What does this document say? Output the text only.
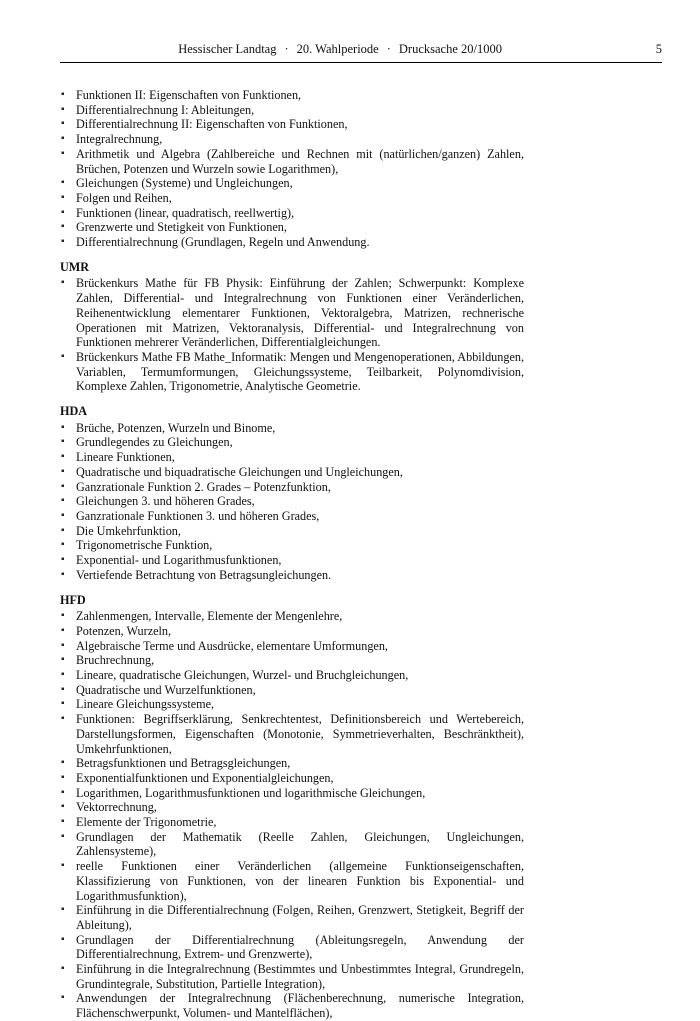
Hessischer Landtag · 20. Wahlperiode · Drucksache 20/1000	5
▪ Funktionen II: Eigenschaften von Funktionen,
▪ Differentialrechnung I: Ableitungen,
▪ Differentialrechnung II: Eigenschaften von Funktionen,
▪ Integralrechnung,
▪ Arithmetik und Algebra (Zahlbereiche und Rechnen mit (natürlichen/ganzen) Zahlen, Brüchen, Potenzen und Wurzeln sowie Logarithmen),
▪ Gleichungen (Systeme) und Ungleichungen,
▪ Folgen und Reihen,
▪ Funktionen (linear, quadratisch, reellwertig),
▪ Grenzwerte und Stetigkeit von Funktionen,
▪ Differentialrechnung (Grundlagen, Regeln und Anwendung.
UMR
▪ Brückenkurs Mathe für FB Physik: Einführung der Zahlen; Schwerpunkt: Komplexe Zahlen, Differential- und Integralrechnung von Funktionen einer Veränderlichen, Reihenentwicklung elementarer Funktionen, Vektoralgebra, Matrizen, rechnerische Operationen mit Matrizen, Vektoranalysis, Differential- und Integralrechnung von Funktionen mehrerer Veränderlichen, Differentialgleichungen.
▪ Brückenkurs Mathe FB Mathe_Informatik: Mengen und Mengenoperationen, Abbildungen, Variablen, Termumformungen, Gleichungssysteme, Teilbarkeit, Polynomdivision, Komplexe Zahlen, Trigonometrie, Analytische Geometrie.
HDA
▪ Brüche, Potenzen, Wurzeln und Binome,
▪ Grundlegendes zu Gleichungen,
▪ Lineare Funktionen,
▪ Quadratische und biquadratische Gleichungen und Ungleichungen,
▪ Ganzrationale Funktion 2. Grades – Potenzfunktion,
▪ Gleichungen 3. und höheren Grades,
▪ Ganzrationale Funktionen 3. und höheren Grades,
▪ Die Umkehrfunktion,
▪ Trigonometrische Funktion,
▪ Exponential- und Logarithmusfunktionen,
▪ Vertiefende Betrachtung von Betragsungleichungen.
HFD
▪ Zahlenmengen, Intervalle, Elemente der Mengenlehre,
▪ Potenzen, Wurzeln,
▪ Algebraische Terme und Ausdrücke, elementare Umformungen,
▪ Bruchrechnung,
▪ Lineare, quadratische Gleichungen, Wurzel- und Bruchgleichungen,
▪ Quadratische und Wurzelfunktionen,
▪ Lineare Gleichungssysteme,
▪ Funktionen: Begriffserklärung, Senkrechtentest, Definitionsbereich und Wertebereich, Darstellungsformen, Eigenschaften (Monotonie, Symmetrieverhalten, Beschränktheit), Umkehrfunktionen,
▪ Betragsfunktionen und Betragsgleichungen,
▪ Exponentialfunktionen und Exponentialgleichungen,
▪ Logarithmen, Logarithmusfunktionen und logarithmische Gleichungen,
▪ Vektorrechnung,
▪ Elemente der Trigonometrie,
▪ Grundlagen der Mathematik (Reelle Zahlen, Gleichungen, Ungleichungen, Zahlensysteme),
▪ reelle Funktionen einer Veränderlichen (allgemeine Funktionseigenschaften, Klassifizierung von Funktionen, von der linearen Funktion bis Exponential- und Logarithmusfunktion),
▪ Einführung in die Differentialrechnung (Folgen, Reihen, Grenzwert, Stetigkeit, Begriff der Ableitung),
▪ Grundlagen der Differentialrechnung (Ableitungsregeln, Anwendung der Differentialrechnung, Extrem- und Grenzwerte),
▪ Einführung in die Integralrechnung (Bestimmtes und Unbestimmtes Integral, Grundregeln, Grundintegrale, Substitution, Partielle Integration),
▪ Anwendungen der Integralrechnung (Flächenberechnung, numerische Integration, Flächenschwerpunkt, Volumen- und Mantelflächen),
